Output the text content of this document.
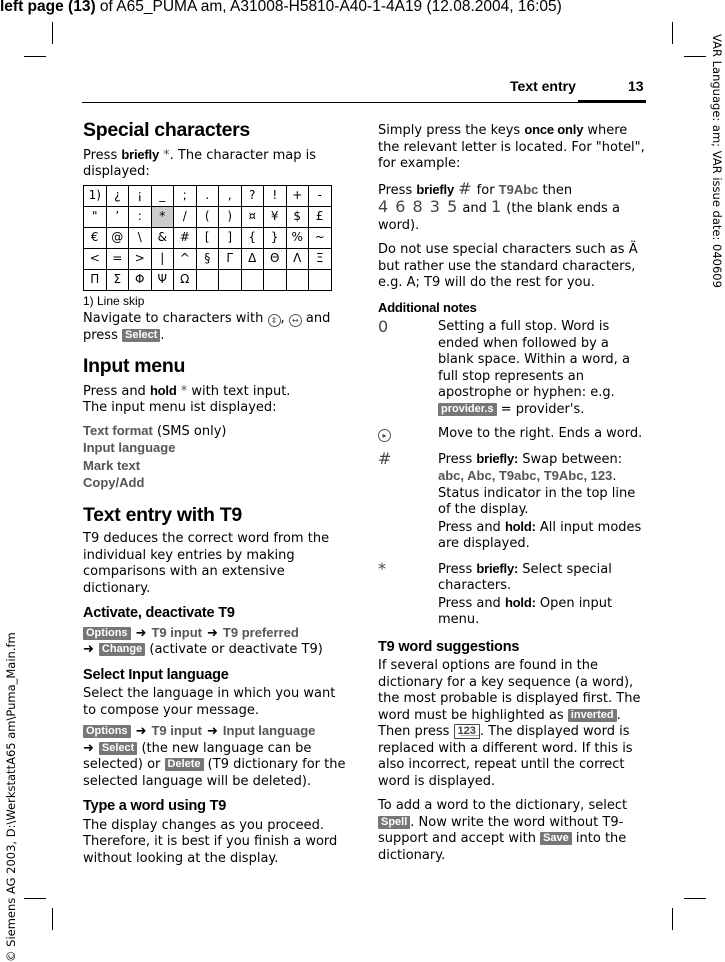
left page (13) of A65_PUMA am, A31008-H5810-A40-1-4A19 (12.08.2004, 16:05)
VAR Language: am; VAR issue date: 040609
© Siemens AG 2003, D:\WerkstattA65 am\Puma_Main.fm
Text entry	13
Special characters

Press briefly *. The character map is displayed:

1)	¿	¡	_	;	.	,	?	!	+	-
"	’	:	*	/	(	)	¤	¥	$	£
€	@	\	&	#	[	]	{	}	%	~
<	=	>	|	^	§	Γ	Δ	Θ	Λ	Ξ
Π	Σ	Φ	Ψ	Ω						
1) Line skip

Navigate to characters with ⇕ , ↔ and press Select .

Input menu

Press and hold * with text input.
The input menu ist displayed:

Text format (SMS only)
Input language
Mark text
Copy/Add
Text entry with T9

T9 deduces the correct word from the individual key entries by making comparisons with an extensive dictionary.

Activate, deactivate T9

Options ➜ T9 input ➜ T9 preferred
➜ Change (activate or deactivate T9)

Select Input language

Select the language in which you want to compose your message.

Options ➜ T9 input ➜ Input language
➜ Select (the new language can be selected) or Delete (T9 dictionary for the selected language will be deleted).

Type a word using T9

The display changes as you proceed. Therefore, it is best if you finish a word without looking at the display.

Simply press the keys once only where the relevant letter is located. For "hotel", for example:

Press briefly # for T9Abc then
4 6 8 3 5 and 1 (the blank ends a word).

Do not use special characters such as Ä but rather use the standard characters, e.g. A; T9 will do the rest for you.

Additional notes
0	Setting a full stop. Word is ended when followed by a blank space. Within a word, a full stop represents an apostrophe or hyphen: e.g. provider.s = provider's.
▸	Move to the right. Ends a word.
#	Press briefly: Swap between: abc, Abc, T9abc, T9Abc, 123. Status indicator in the top line of the display.
Press and hold: All input modes are displayed.
*	Press briefly: Select special characters.
Press and hold: Open input menu.
T9 word suggestions

If several options are found in the dictionary for a key sequence (a word), the most probable is displayed first. The word must be highlighted as inverted . Then press 1̲2̲3̲ . The displayed word is replaced with a different word. If this is also incorrect, repeat until the correct word is displayed.

To add a word to the dictionary, select Spell . Now write the word without T9-support and accept with Save into the dictionary.
